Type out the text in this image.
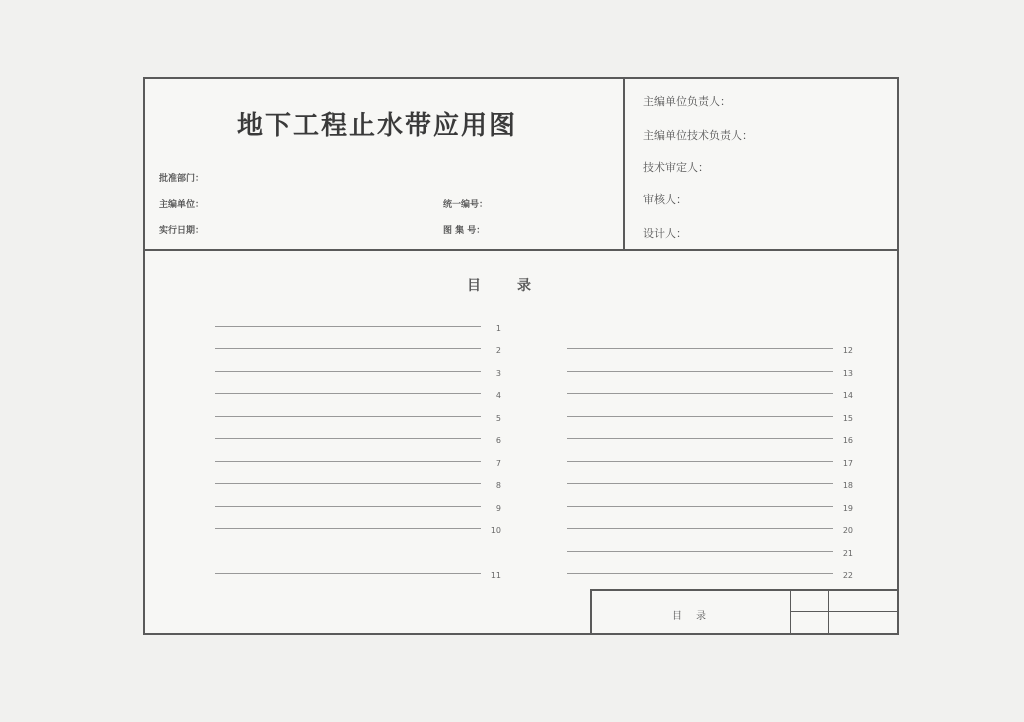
地下工程止水带应用图
批准部门：
主编单位：
实行日期：
统一编号：
图 集 号：
主编单位负责人：
主编单位技术负责人：
技术审定人：
审核人：
设计人：
目录
1
2
3
4
5
6
7
8
9
10
11
12
13
14
15
16
17
18
19
20
21
22
目录
